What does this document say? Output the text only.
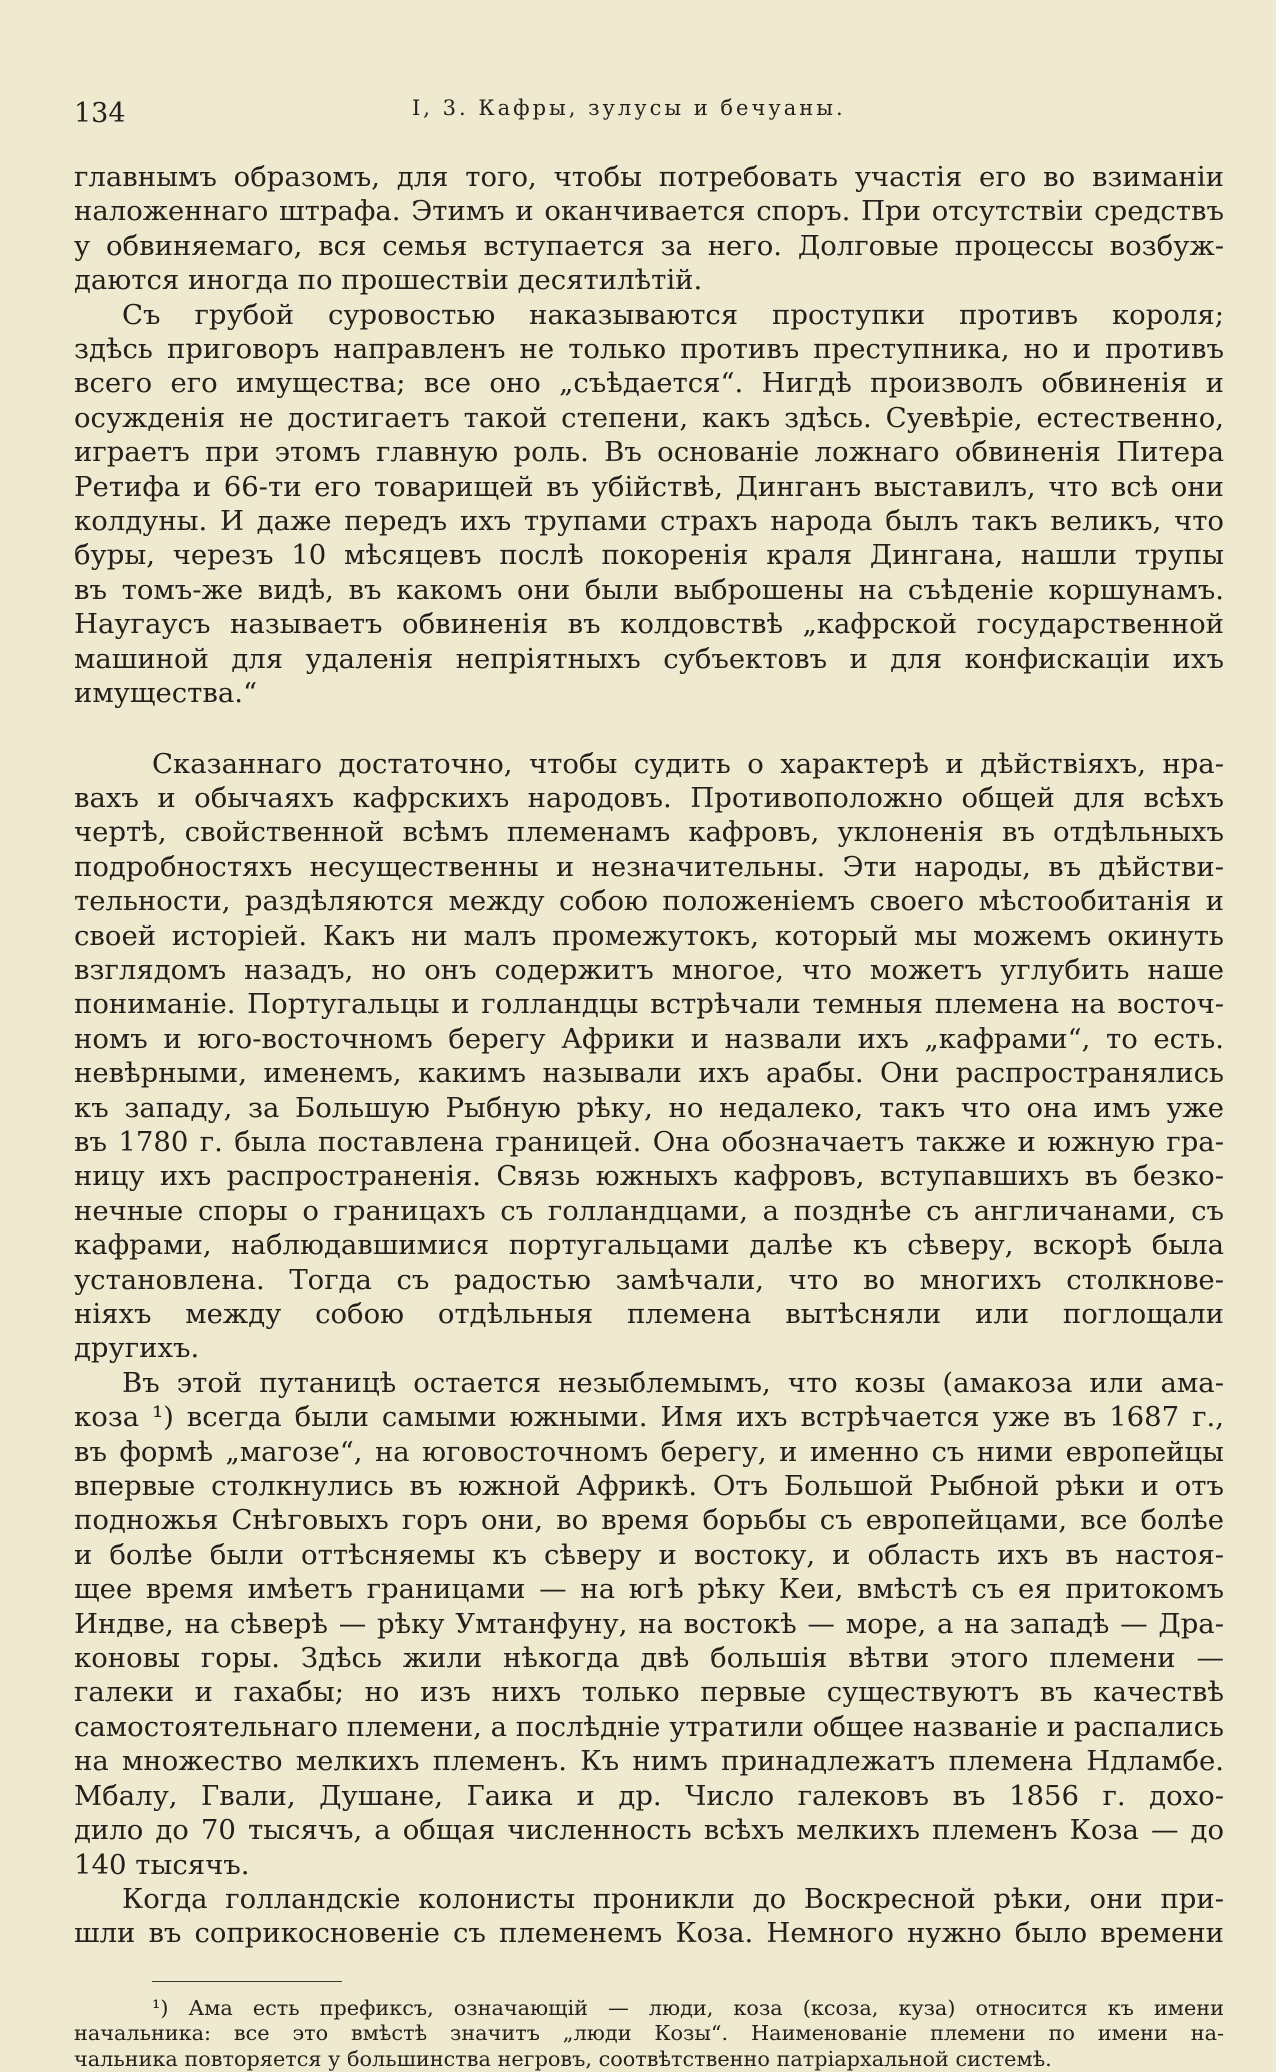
134	I, 3. Кафры, зулусы и бечуаны.
главнымъ образомъ, для того, чтобы потребовать участія его во взиманіи
наложеннаго штрафа. Этимъ и оканчивается споръ. При отсутствіи средствъ
у обвиняемаго, вся семья вступается за него. Долговые процессы возбуж-
даются иногда по прошествіи десятилѣтій.
Съ грубой суровостью наказываются проступки противъ короля;
здѣсь приговоръ направленъ не только противъ преступника, но и противъ
всего его имущества; все оно „съѣдается“. Нигдѣ произволъ обвиненія и
осужденія не достигаетъ такой степени, какъ здѣсь. Суевѣріе, естественно,
играетъ при этомъ главную роль. Въ основаніе ложнаго обвиненія Питера
Ретифа и 66-ти его товарищей въ убійствѣ, Динганъ выставилъ, что всѣ они
колдуны. И даже передъ ихъ трупами страхъ народа былъ такъ великъ, что
буры, черезъ 10 мѣсяцевъ послѣ покоренія краля Дингана, нашли трупы
въ томъ-же видѣ, въ какомъ они были выброшены на съѣденіе коршунамъ.
Наугаусъ называетъ обвиненія въ колдовствѣ „кафрской государственной
машиной для удаленія непріятныхъ субъектовъ и для конфискаціи ихъ
имущества.“
Сказаннаго достаточно, чтобы судить о характерѣ и дѣйствіяхъ, нра-
вахъ и обычаяхъ кафрскихъ народовъ. Противоположно общей для всѣхъ
чертѣ, свойственной всѣмъ племенамъ кафровъ, уклоненія въ отдѣльныхъ
подробностяхъ несущественны и незначительны. Эти народы, въ дѣйстви-
тельности, раздѣляются между собою положеніемъ своего мѣстообитанія и
своей исторіей. Какъ ни малъ промежутокъ, который мы можемъ окинуть
взглядомъ назадъ, но онъ содержитъ многое, что можетъ углубить наше
пониманіе. Португальцы и голландцы встрѣчали темныя племена на восточ-
номъ и юго-восточномъ берегу Африки и назвали ихъ „кафрами“, то есть.
невѣрными, именемъ, какимъ называли ихъ арабы. Они распространялись
къ западу, за Большую Рыбную рѣку, но недалеко, такъ что она имъ уже
въ 1780 г. была поставлена границей. Она обозначаетъ также и южную гра-
ницу ихъ распространенія. Связь южныхъ кафровъ, вступавшихъ въ безко-
нечные споры о границахъ съ голландцами, а позднѣе съ англичанами, съ
кафрами, наблюдавшимися португальцами далѣе къ сѣверу, вскорѣ была
установлена. Тогда съ радостью замѣчали, что во многихъ столкнове-
ніяхъ между собою отдѣльныя племена вытѣсняли или поглощали
другихъ.
Въ этой путаницѣ остается незыблемымъ, что козы (амакоза или ама-
коза ¹) всегда были самыми южными. Имя ихъ встрѣчается уже въ 1687 г.,
въ формѣ „магозе“, на юговосточномъ берегу, и именно съ ними европейцы
впервые столкнулись въ южной Африкѣ. Отъ Большой Рыбной рѣки и отъ
подножья Снѣговыхъ горъ они, во время борьбы съ европейцами, все болѣе
и болѣе были оттѣсняемы къ сѣверу и востоку, и область ихъ въ настоя-
щее время имѣетъ границами — на югѣ рѣку Кеи, вмѣстѣ съ ея притокомъ
Индве, на сѣверѣ — рѣку Умтанфуну, на востокѣ — море, а на западѣ — Дра-
коновы горы. Здѣсь жили нѣкогда двѣ большія вѣтви этого племени —
галеки и гахабы; но изъ нихъ только первые существуютъ въ качествѣ
самостоятельнаго племени, а послѣдніе утратили общее названіе и распались
на множество мелкихъ племенъ. Къ нимъ принадлежатъ племена Ндламбе.
Мбалу, Гвали, Душане, Гаика и др. Число галековъ въ 1856 г. дохо-
дило до 70 тысячъ, а общая численность всѣхъ мелкихъ племенъ Коза — до
140 тысячъ.
Когда голландскіе колонисты проникли до Воскресной рѣки, они при-
шли въ соприкосновеніе съ племенемъ Коза. Немного нужно было времени
¹) Ама есть префиксъ, означающій — люди, коза (ксоза, куза) относится къ имени
начальника: все это вмѣстѣ значитъ „люди Козы“. Наименованіе племени по имени на-
чальника повторяется у большинства негровъ, соотвѣтственно патріархальной системѣ.
